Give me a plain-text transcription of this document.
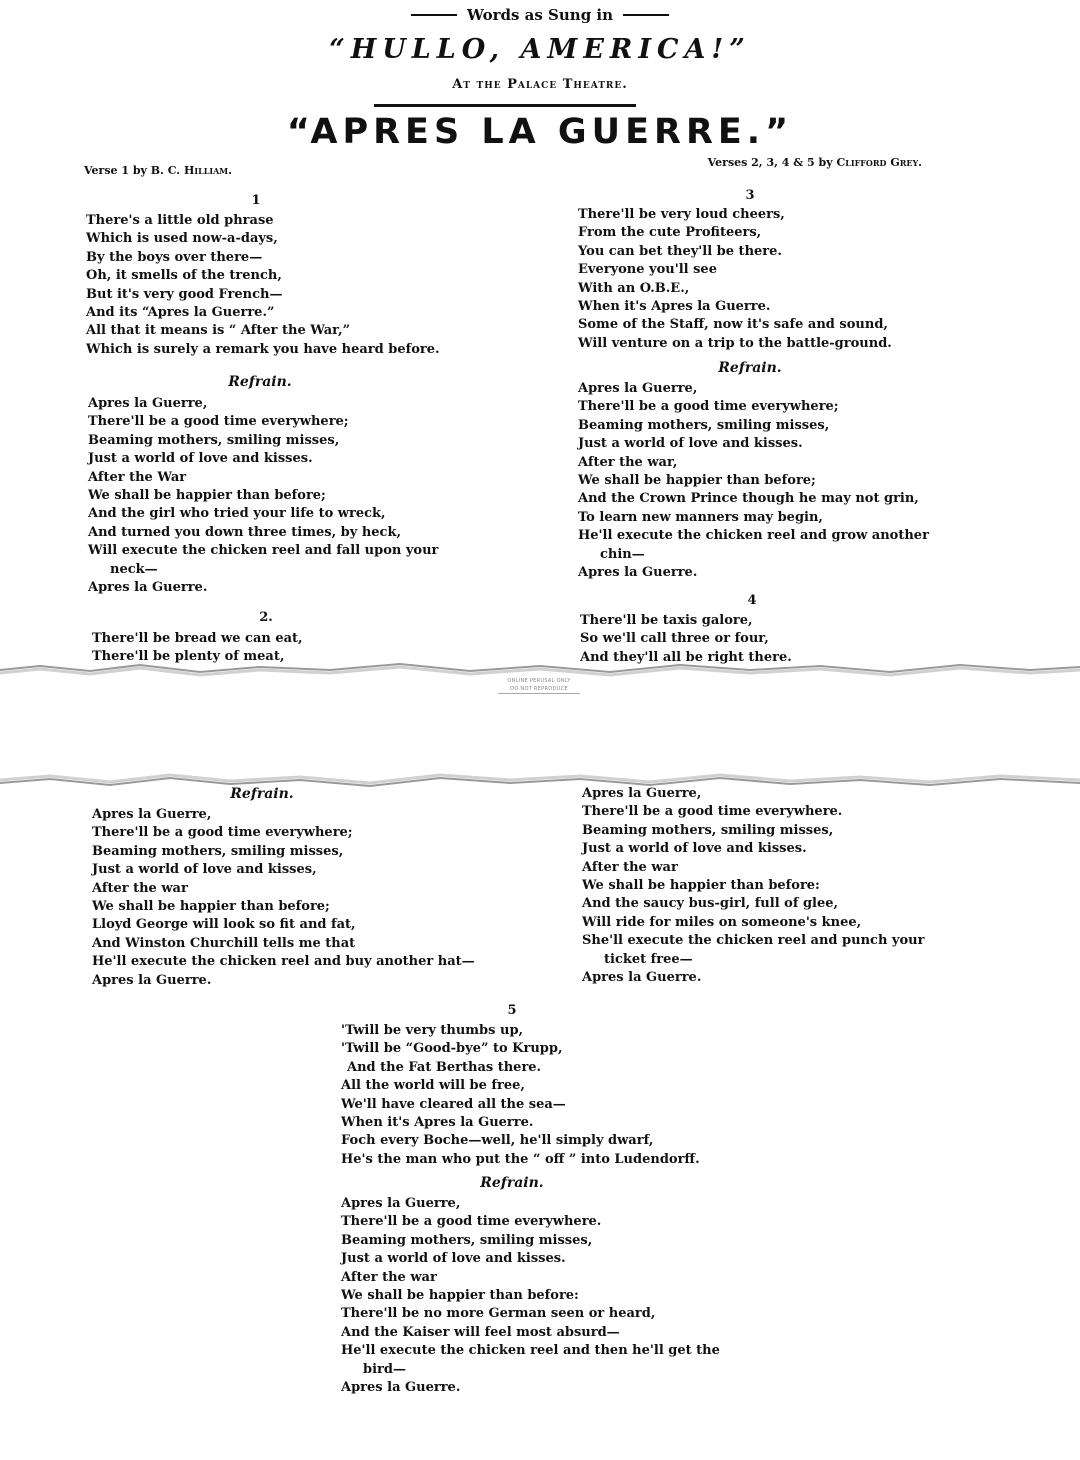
Words as Sung in
“HULLO, AMERICA!”
At the Palace Theatre.
“APRES LA GUERRE.”
Verse 1 by B. C. Hilliam.
Verses 2, 3, 4 & 5 by Clifford Grey.
1
There's a little old phrase
Which is used now-a-days,
By the boys over there—
Oh, it smells of the trench,
But it's very good French—
And its “Apres la Guerre.”
All that it means is “ After the War,”
Which is surely a remark you have heard before.
Refrain.
Apres la Guerre,
There'll be a good time everywhere;
Beaming mothers, smiling misses,
Just a world of love and kisses.
After the War
We shall be happier than before;
And the girl who tried your life to wreck,
And turned you down three times, by heck,
Will execute the chicken reel and fall upon your
neck—
Apres la Guerre.
2.
There'll be bread we can eat,
There'll be plenty of meat,
3
There'll be very loud cheers,
From the cute Profiteers,
You can bet they'll be there.
Everyone you'll see
With an O.B.E.,
When it's Apres la Guerre.
Some of the Staff, now it's safe and sound,
Will venture on a trip to the battle-ground.
Refrain.
Apres la Guerre,
There'll be a good time everywhere;
Beaming mothers, smiling misses,
Just a world of love and kisses.
After the war,
We shall be happier than before;
And the Crown Prince though he may not grin,
To learn new manners may begin,
He'll execute the chicken reel and grow another
chin—
Apres la Guerre.
4
There'll be taxis galore,
So we'll call three or four,
And they'll all be right there.
ONLINE PERUSAL ONLY
DO NOT REPRODUCE
Refrain.
Apres la Guerre,
There'll be a good time everywhere;
Beaming mothers, smiling misses,
Just a world of love and kisses,
After the war
We shall be happier than before;
Lloyd George will look so fit and fat,
And Winston Churchill tells me that
He'll execute the chicken reel and buy another hat—
Apres la Guerre.
Apres la Guerre,
There'll be a good time everywhere.
Beaming mothers, smiling misses,
Just a world of love and kisses.
After the war
We shall be happier than before:
And the saucy bus-girl, full of glee,
Will ride for miles on someone's knee,
She'll execute the chicken reel and punch your
ticket free—
Apres la Guerre.
5
'Twill be very thumbs up,
'Twill be “Good-bye” to Krupp,
And the Fat Berthas there.
All the world will be free,
We'll have cleared all the sea—
When it's Apres la Guerre.
Foch every Boche—well, he'll simply dwarf,
He's the man who put the “ off ” into Ludendorff.
Refrain.
Apres la Guerre,
There'll be a good time everywhere.
Beaming mothers, smiling misses,
Just a world of love and kisses.
After the war
We shall be happier than before:
There'll be no more German seen or heard,
And the Kaiser will feel most absurd—
He'll execute the chicken reel and then he'll get the
bird—
Apres la Guerre.
